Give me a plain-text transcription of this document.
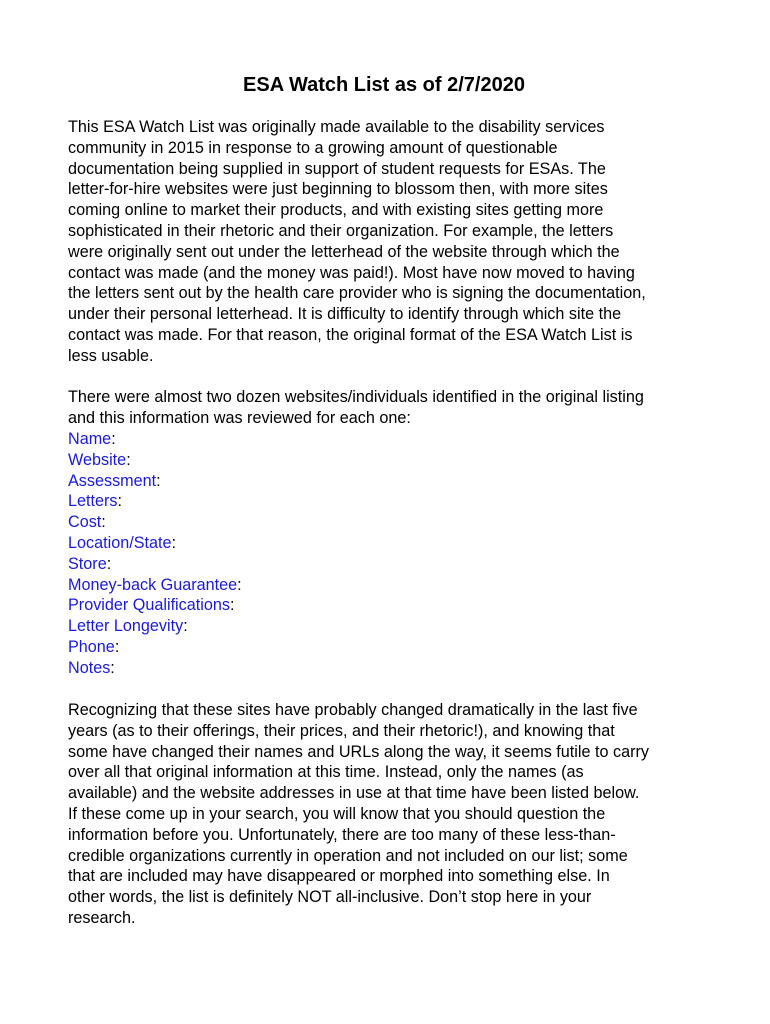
ESA Watch List as of 2/7/2020
This ESA Watch List was originally made available to the disability services
community in 2015 in response to a growing amount of questionable
documentation being supplied in support of student requests for ESAs. The
letter-for-hire websites were just beginning to blossom then, with more sites
coming online to market their products, and with existing sites getting more
sophisticated in their rhetoric and their organization. For example, the letters
were originally sent out under the letterhead of the website through which the
contact was made (and the money was paid!). Most have now moved to having
the letters sent out by the health care provider who is signing the documentation,
under their personal letterhead. It is difficulty to identify through which site the
contact was made. For that reason, the original format of the ESA Watch List is
less usable.
There were almost two dozen websites/individuals identified in the original listing
and this information was reviewed for each one:
Name:
Website:
Assessment:
Letters:
Cost:
Location/State:
Store:
Money-back Guarantee:
Provider Qualifications:
Letter Longevity:
Phone:
Notes:
Recognizing that these sites have probably changed dramatically in the last five
years (as to their offerings, their prices, and their rhetoric!), and knowing that
some have changed their names and URLs along the way, it seems futile to carry
over all that original information at this time. Instead, only the names (as
available) and the website addresses in use at that time have been listed below.
If these come up in your search, you will know that you should question the
information before you. Unfortunately, there are too many of these less-than-
credible organizations currently in operation and not included on our list; some
that are included may have disappeared or morphed into something else. In
other words, the list is definitely NOT all-inclusive. Don’t stop here in your
research.
